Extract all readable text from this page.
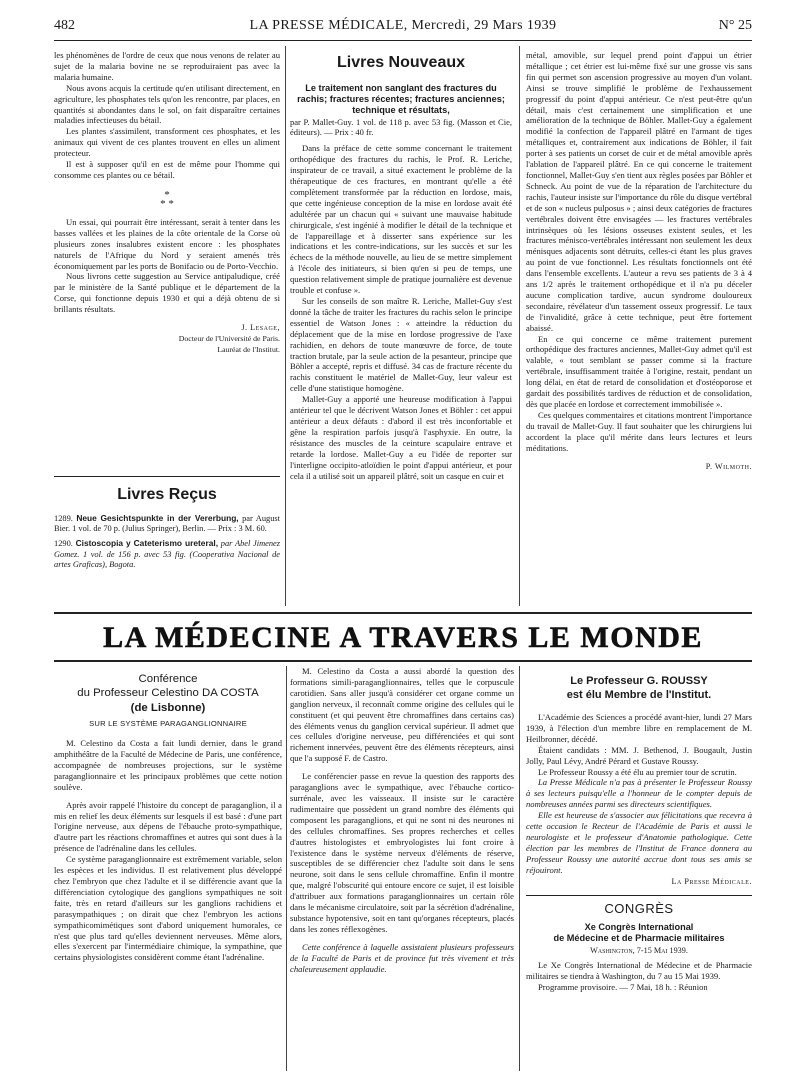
482	LA PRESSE MÉDICALE, Mercredi, 29 Mars 1939	N° 25

les phénomènes de l'ordre de ceux que nous venons de relater au sujet de la malaria bovine ne se reproduiraient pas avec la malaria humaine.

Nous avons acquis la certitude qu'en utilisant directement, en agriculture, les phosphates tels qu'on les rencontre, par places, en quantités si abondantes dans le sol, on fait disparaître certaines maladies infectieuses du bétail.

Les plantes s'assimilent, transforment ces phosphates, et les animaux qui vivent de ces plantes trouvent en elles un aliment protecteur.

Il est à supposer qu'il en est de même pour l'homme qui consomme ces plantes ou ce bétail.

*
* *

Un essai, qui pourrait être intéressant, serait à tenter dans les basses vallées et les plaines de la côte orientale de la Corse où plusieurs zones insalubres existent encore : les phosphates naturels de l'Afrique du Nord y seraient amenés très économiquement par les ports de Bonifacio ou de Porto-Vecchio.

Nous livrons cette suggestion au Service antipaludique, créé par le ministère de la Santé publique et le département de la Corse, qui fonctionne depuis 1930 et qui a déjà obtenu de si brillants résultats.

J. Lesage,
Docteur de l'Université de Paris.
Lauréat de l'Institut.
Livres Reçus
1289. Neue Gesichtspunkte in der Vererbung, par August Bier. 1 vol. de 70 p. (Julius Springer), Berlin. — Prix : 3 M. 60.
1290. Cistoscopia y Cateterismo ureteral, par Abel Jimenez Gomez. 1 vol. de 156 p. avec 53 fig. (Cooperativa Nacional de artes Graficas), Bogota.
Livres Nouveaux
Le traitement non sanglant des fractures du rachis; fractures récentes; fractures anciennes; technique et résultats,

par P. Mallet-Guy. 1 vol. de 118 p. avec 53 fig. (Masson et Cie, éditeurs). — Prix : 40 fr.

Dans la préface de cette somme concernant le traitement orthopédique des fractures du rachis, le Prof. R. Leriche, inspirateur de ce travail, a situé exactement le problème de la thérapeutique de ces fractures, en montrant qu'elle a été complètement transformée par la réduction en lordose, mais, que cette ingénieuse conception de la mise en lordose avait été adultérée par un chacun qui « suivant une mauvaise habitude chirurgicale, s'est ingénié à modifier le détail de la technique et de l'appareillage et à disserter sans expérience sur les indications et les contre-indications, sur les succès et sur les échecs de la méthode nouvelle, au lieu de se mettre simplement à l'école des initiateurs, si bien qu'en si peu de temps, une question relativement simple de pratique journalière est devenue trouble et confuse ».

Sur les conseils de son maître R. Leriche, Mallet-Guy s'est donné la tâche de traiter les fractures du rachis selon le principe essentiel de Watson Jones : « atteindre la réduction du déplacement que de la mise en lordose progressive de l'axe rachidien, en dehors de toute manœuvre de force, de toute traction brutale, par la seule action de la pesanteur, principe que Böhler a accepté, repris et diffusé. 34 cas de fracture récente du rachis constituent le matériel de Mallet-Guy, leur valeur est celle d'une statistique homogène.

Mallet-Guy a apporté une heureuse modification à l'appui antérieur tel que le décrivent Watson Jones et Böhler : cet appui antérieur a deux défauts : d'abord il est très inconfortable et gêne la respiration parfois jusqu'à l'asphyxie. En outre, la résistance des muscles de la ceinture scapulaire entrave et retarde la lordose. Mallet-Guy a eu l'idée de reporter sur l'interligne occipito-atloïdien le point d'appui antérieur, et pour cela il a utilisé soit un appareil plâtré, soit un casque en cuir et

métal, amovible, sur lequel prend point d'appui un étrier métallique ; cet étrier est lui-même fixé sur une grosse vis sans fin qui permet son ascension progressive au moyen d'un volant. Ainsi se trouve simplifié le problème de l'exhaussement progressif du point d'appui antérieur. Ce n'est peut-être qu'un détail, mais c'est certainement une simplification et une amélioration de la technique de Böhler. Mallet-Guy a également modifié la confection de l'appareil plâtré en l'armant de tiges métalliques et, contrairement aux indications de Böhler, il fait porter à ses patients un corset de cuir et de métal amovible après l'ablation de l'appareil plâtré. En ce qui concerne le traitement fonctionnel, Mallet-Guy s'en tient aux règles posées par Böhler et Schneck. Au point de vue de la réparation de l'architecture du rachis, l'auteur insiste sur l'importance du rôle du disque vertébral et de son « nucleus pulposus » ; ainsi deux catégories de fractures vertébrales doivent être envisagées — les fractures vertébrales intrinsèques où les lésions osseuses existent seules, et les fractures ménisco-vertébrales intéressant non seulement les deux ménisques adjacents sont détruits, celles-ci étant les plus graves au point de vue fonctionnel. Les résultats fonctionnels ont été dans l'ensemble excellents. L'auteur a revu ses patients de 3 à 4 ans 1/2 après le traitement orthopédique et il n'a pu déceler aucune complication tardive, aucun syndrome douloureux secondaire, révélateur d'un tassement osseux progressif. Le taux de l'invalidité, grâce à cette technique, peut être fortement abaissé.

En ce qui concerne ce même traitement purement orthopédique des fractures anciennes, Mallet-Guy admet qu'il est valable, « tout semblant se passer comme si la fracture vertébrale, insuffisamment traitée à l'origine, restait, pendant un long délai, en état de retard de consolidation et d'ostéoporose et gardait des possibilités tardives de réduction et de consolidation, dès que placée en lordose et correctement immobilisée ».

Ces quelques commentaires et citations montrent l'importance du travail de Mallet-Guy. Il faut souhaiter que les chirurgiens lui accordent la place qu'il mérite dans leurs lectures et leurs méditations.

P. Wilmoth.
LA MÉDECINE A TRAVERS LE MONDE
Conférence
du Professeur Celestino DA COSTA
(de Lisbonne)
SUR LE SYSTÈME PARAGANGLIONNAIRE

M. Celestino da Costa a fait lundi dernier, dans le grand amphithéâtre de la Faculté de Médecine de Paris, une conférence, accompagnée de nombreuses projections, sur le système paraganglionnaire et les principaux problèmes que cette notion soulève.

Après avoir rappelé l'histoire du concept de paraganglion, il a mis en relief les deux éléments sur lesquels il est basé : d'une part l'origine nerveuse, aux dépens de l'ébauche proto-sympathique, d'autre part les réactions chromaffines et autres qui sont dues à la présence de l'adrénaline dans les cellules.

Ce système paraganglionnaire est extrêmement variable, selon les espèces et les individus. Il est relativement plus développé chez l'embryon que chez l'adulte et il se différencie avant que la différenciation cytologique des ganglions sympathiques ne soit faite, très en retard d'ailleurs sur les ganglions rachidiens et parasympathiques ; on dirait que chez l'embryon les actions sympathicomimétiques sont d'abord uniquement humorales, ce n'est que plus tard qu'elles deviennent nerveuses. Même alors, elles s'exercent par l'intermédiaire chimique, la sympathine, que certains physiologistes considèrent comme étant l'adrénaline.

M. Celestino da Costa a aussi abordé la question des formations simili-paraganglionnaires, telles que le corpuscule carotidien. Sans aller jusqu'à considérer cet organe comme un ganglion nerveux, il reconnaît comme origine des cellules qui le constituent (et qui peuvent être chromaffines dans certains cas) des éléments venus du ganglion cervical supérieur. Il admet que ces cellules d'origine nerveuse, peu différenciées et qui sont richement innervées, peuvent être des éléments récepteurs, ainsi que l'a supposé F. de Castro.

Le conférencier passe en revue la question des rapports des paraganglions avec le sympathique, avec l'ébauche cortico-surrénale, avec les vaisseaux. Il insiste sur le caractère rudimentaire que possèdent un grand nombre des éléments qui composent les paraganglions, et qui ne sont ni des neurones ni des cellules chromaffines. Ses propres recherches et celles d'autres histologistes et embryologistes lui font croire à l'existence dans le système nerveux d'éléments de réserve, susceptibles de se différencier chez l'adulte soit dans le sens neurone, soit dans le sens cellule chromaffine. Enfin il montre que, malgré l'obscurité qui entoure encore ce sujet, il est loisible d'attribuer aux formations paraganglionnaires un certain rôle dans le mécanisme circulatoire, soit par la sécrétion d'adrénaline, substance hypotensive, soit en tant qu'organes récepteurs, placés dans les zones réflexogènes.

Cette conférence à laquelle assistaient plusieurs professeurs de la Faculté de Paris et de province fut très vivement et très chaleureusement applaudie.

Le Professeur G. ROUSSY
est élu Membre de l'Institut.

L'Académie des Sciences a procédé avant-hier, lundi 27 Mars 1939, à l'élection d'un membre libre en remplacement de M. Heilbronner, décédé.

Étaient candidats : MM. J. Bethenod, J. Bougault, Justin Jolly, Paul Lévy, André Pérard et Gustave Roussy.

Le Professeur Roussy a été élu au premier tour de scrutin.

La Presse Médicale n'a pas à présenter le Professeur Roussy à ses lecteurs puisqu'elle a l'honneur de le compter depuis de nombreuses années parmi ses directeurs scientifiques.

Elle est heureuse de s'associer aux félicitations que recevra à cette occasion le Recteur de l'Académie de Paris et aussi le neurologiste et le professeur d'Anatomie pathologique. Cette élection par les membres de l'Institut de France donnera au Professeur Roussy une autorité accrue dont tous ses amis se réjouiront.

La Presse Médicale.
CONGRÈS
Xe Congrès International
de Médecine et de Pharmacie militaires
Washington, 7-15 Mai 1939.

Le Xe Congrès International de Médecine et de Pharmacie militaires se tiendra à Washington, du 7 au 15 Mai 1939.

Programme provisoire. — 7 Mai, 18 h. : Réunion
